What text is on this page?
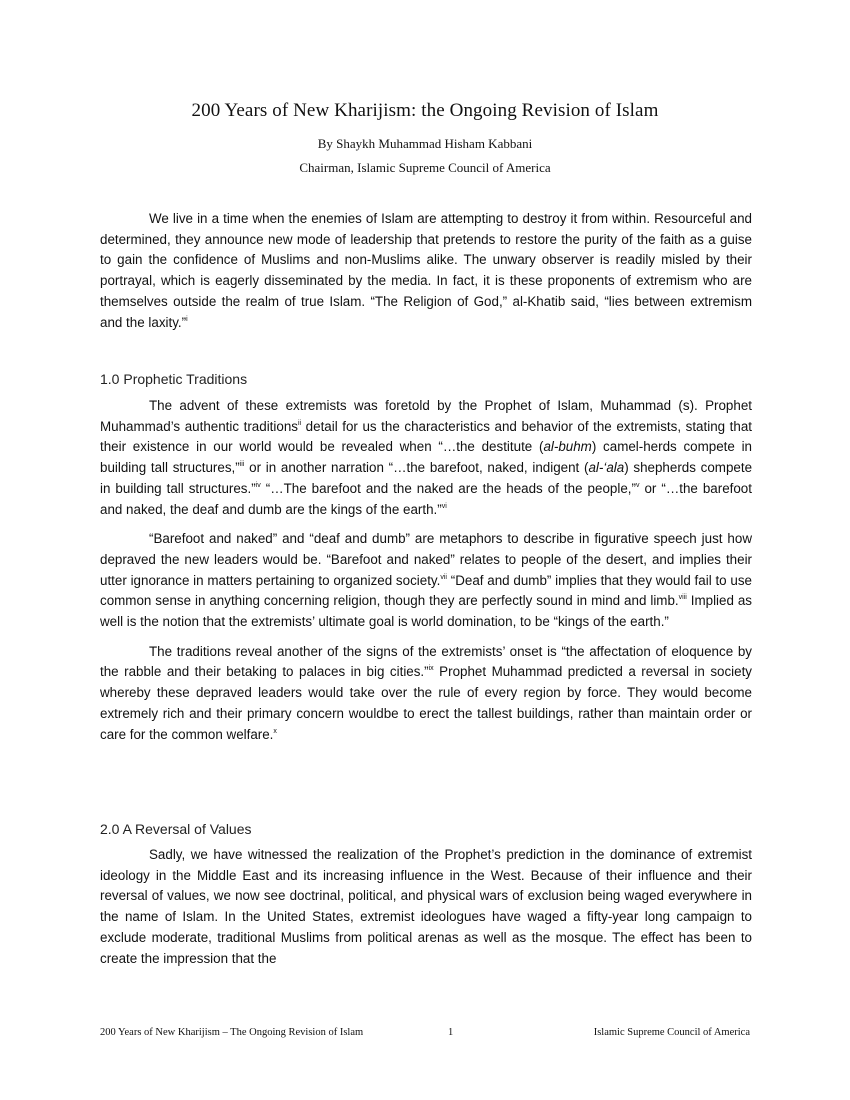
200 Years of New Kharijism: the Ongoing Revision of Islam
By Shaykh Muhammad Hisham Kabbani
Chairman, Islamic Supreme Council of America

We live in a time when the enemies of Islam are attempting to destroy it from within. Resourceful and determined, they announce new mode of leadership that pretends to restore the purity of the faith as a guise to gain the confidence of Muslims and non-Muslims alike. The unwary observer is readily misled by their portrayal, which is eagerly disseminated by the media. In fact, it is these proponents of extremism who are themselves outside the realm of true Islam. “The Religion of God,” al-Khatib said, “lies between extremism and the laxity.”$^i$

1.0 Prophetic Traditions

The advent of these extremists was foretold by the Prophet of Islam, Muhammad (s). Prophet Muhammad’s authentic traditions$^{ii}$ detail for us the characteristics and behavior of the extremists, stating that their existence in our world would be revealed when “…the destitute (al-buhm) camel-herds compete in building tall structures,”$^{iii}$ or in another narration “…the barefoot, naked, indigent (al-‘ala) shepherds compete in building tall structures.”$^{iv}$ “…The barefoot and the naked are the heads of the people,”$^v$ or “…the barefoot and naked, the deaf and dumb are the kings of the earth.”$^{vi}$

“Barefoot and naked” and “deaf and dumb” are metaphors to describe in figurative speech just how depraved the new leaders would be. “Barefoot and naked” relates to people of the desert, and implies their utter ignorance in matters pertaining to organized society.$^{vii}$ “Deaf and dumb” implies that they would fail to use common sense in anything concerning religion, though they are perfectly sound in mind and limb.$^{viii}$ Implied as well is the notion that the extremists’ ultimate goal is world domination, to be “kings of the earth.”

The traditions reveal another of the signs of the extremists’ onset is “the affectation of eloquence by the rabble and their betaking to palaces in big cities.”$^{ix}$ Prophet Muhammad predicted a reversal in society whereby these depraved leaders would take over the rule of every region by force. They would become extremely rich and their primary concern wouldbe to erect the tallest buildings, rather than maintain order or care for the common welfare.$^x$

2.0 A Reversal of Values

Sadly, we have witnessed the realization of the Prophet’s prediction in the dominance of extremist ideology in the Middle East and its increasing influence in the West. Because of their influence and their reversal of values, we now see doctrinal, political, and physical wars of exclusion being waged everywhere in the name of Islam. In the United States, extremist ideologues have waged a fifty-year long campaign to exclude moderate, traditional Muslims from political arenas as well as the mosque. The effect has been to create the impression that the

200 Years of New Kharijism – The Ongoing Revision of Islam	1	Islamic Supreme Council of America
